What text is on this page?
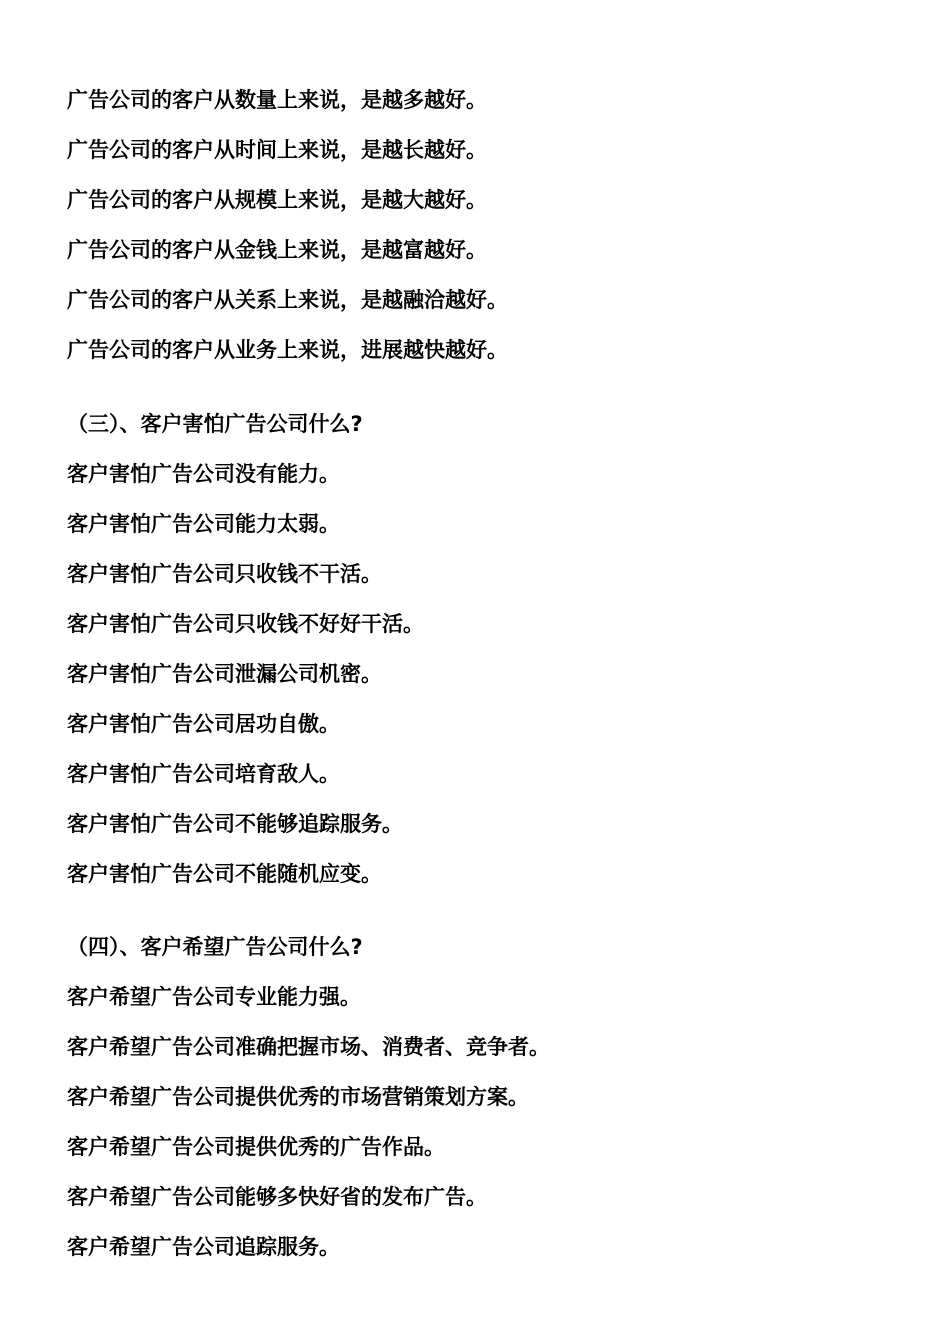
广告公司的客户从数量上来说，是越多越好。
广告公司的客户从时间上来说，是越长越好。
广告公司的客户从规模上来说，是越大越好。
广告公司的客户从金钱上来说，是越富越好。
广告公司的客户从关系上来说，是越融洽越好。
广告公司的客户从业务上来说，进展越快越好。
（三）、客户害怕广告公司什么?
客户害怕广告公司没有能力。
客户害怕广告公司能力太弱。
客户害怕广告公司只收钱不干活。
客户害怕广告公司只收钱不好好干活。
客户害怕广告公司泄漏公司机密。
客户害怕广告公司居功自傲。
客户害怕广告公司培育敌人。
客户害怕广告公司不能够追踪服务。
客户害怕广告公司不能随机应变。
（四）、客户希望广告公司什么?
客户希望广告公司专业能力强。
客户希望广告公司准确把握市场、消费者、竞争者。
客户希望广告公司提供优秀的市场营销策划方案。
客户希望广告公司提供优秀的广告作品。
客户希望广告公司能够多快好省的发布广告。
客户希望广告公司追踪服务。
